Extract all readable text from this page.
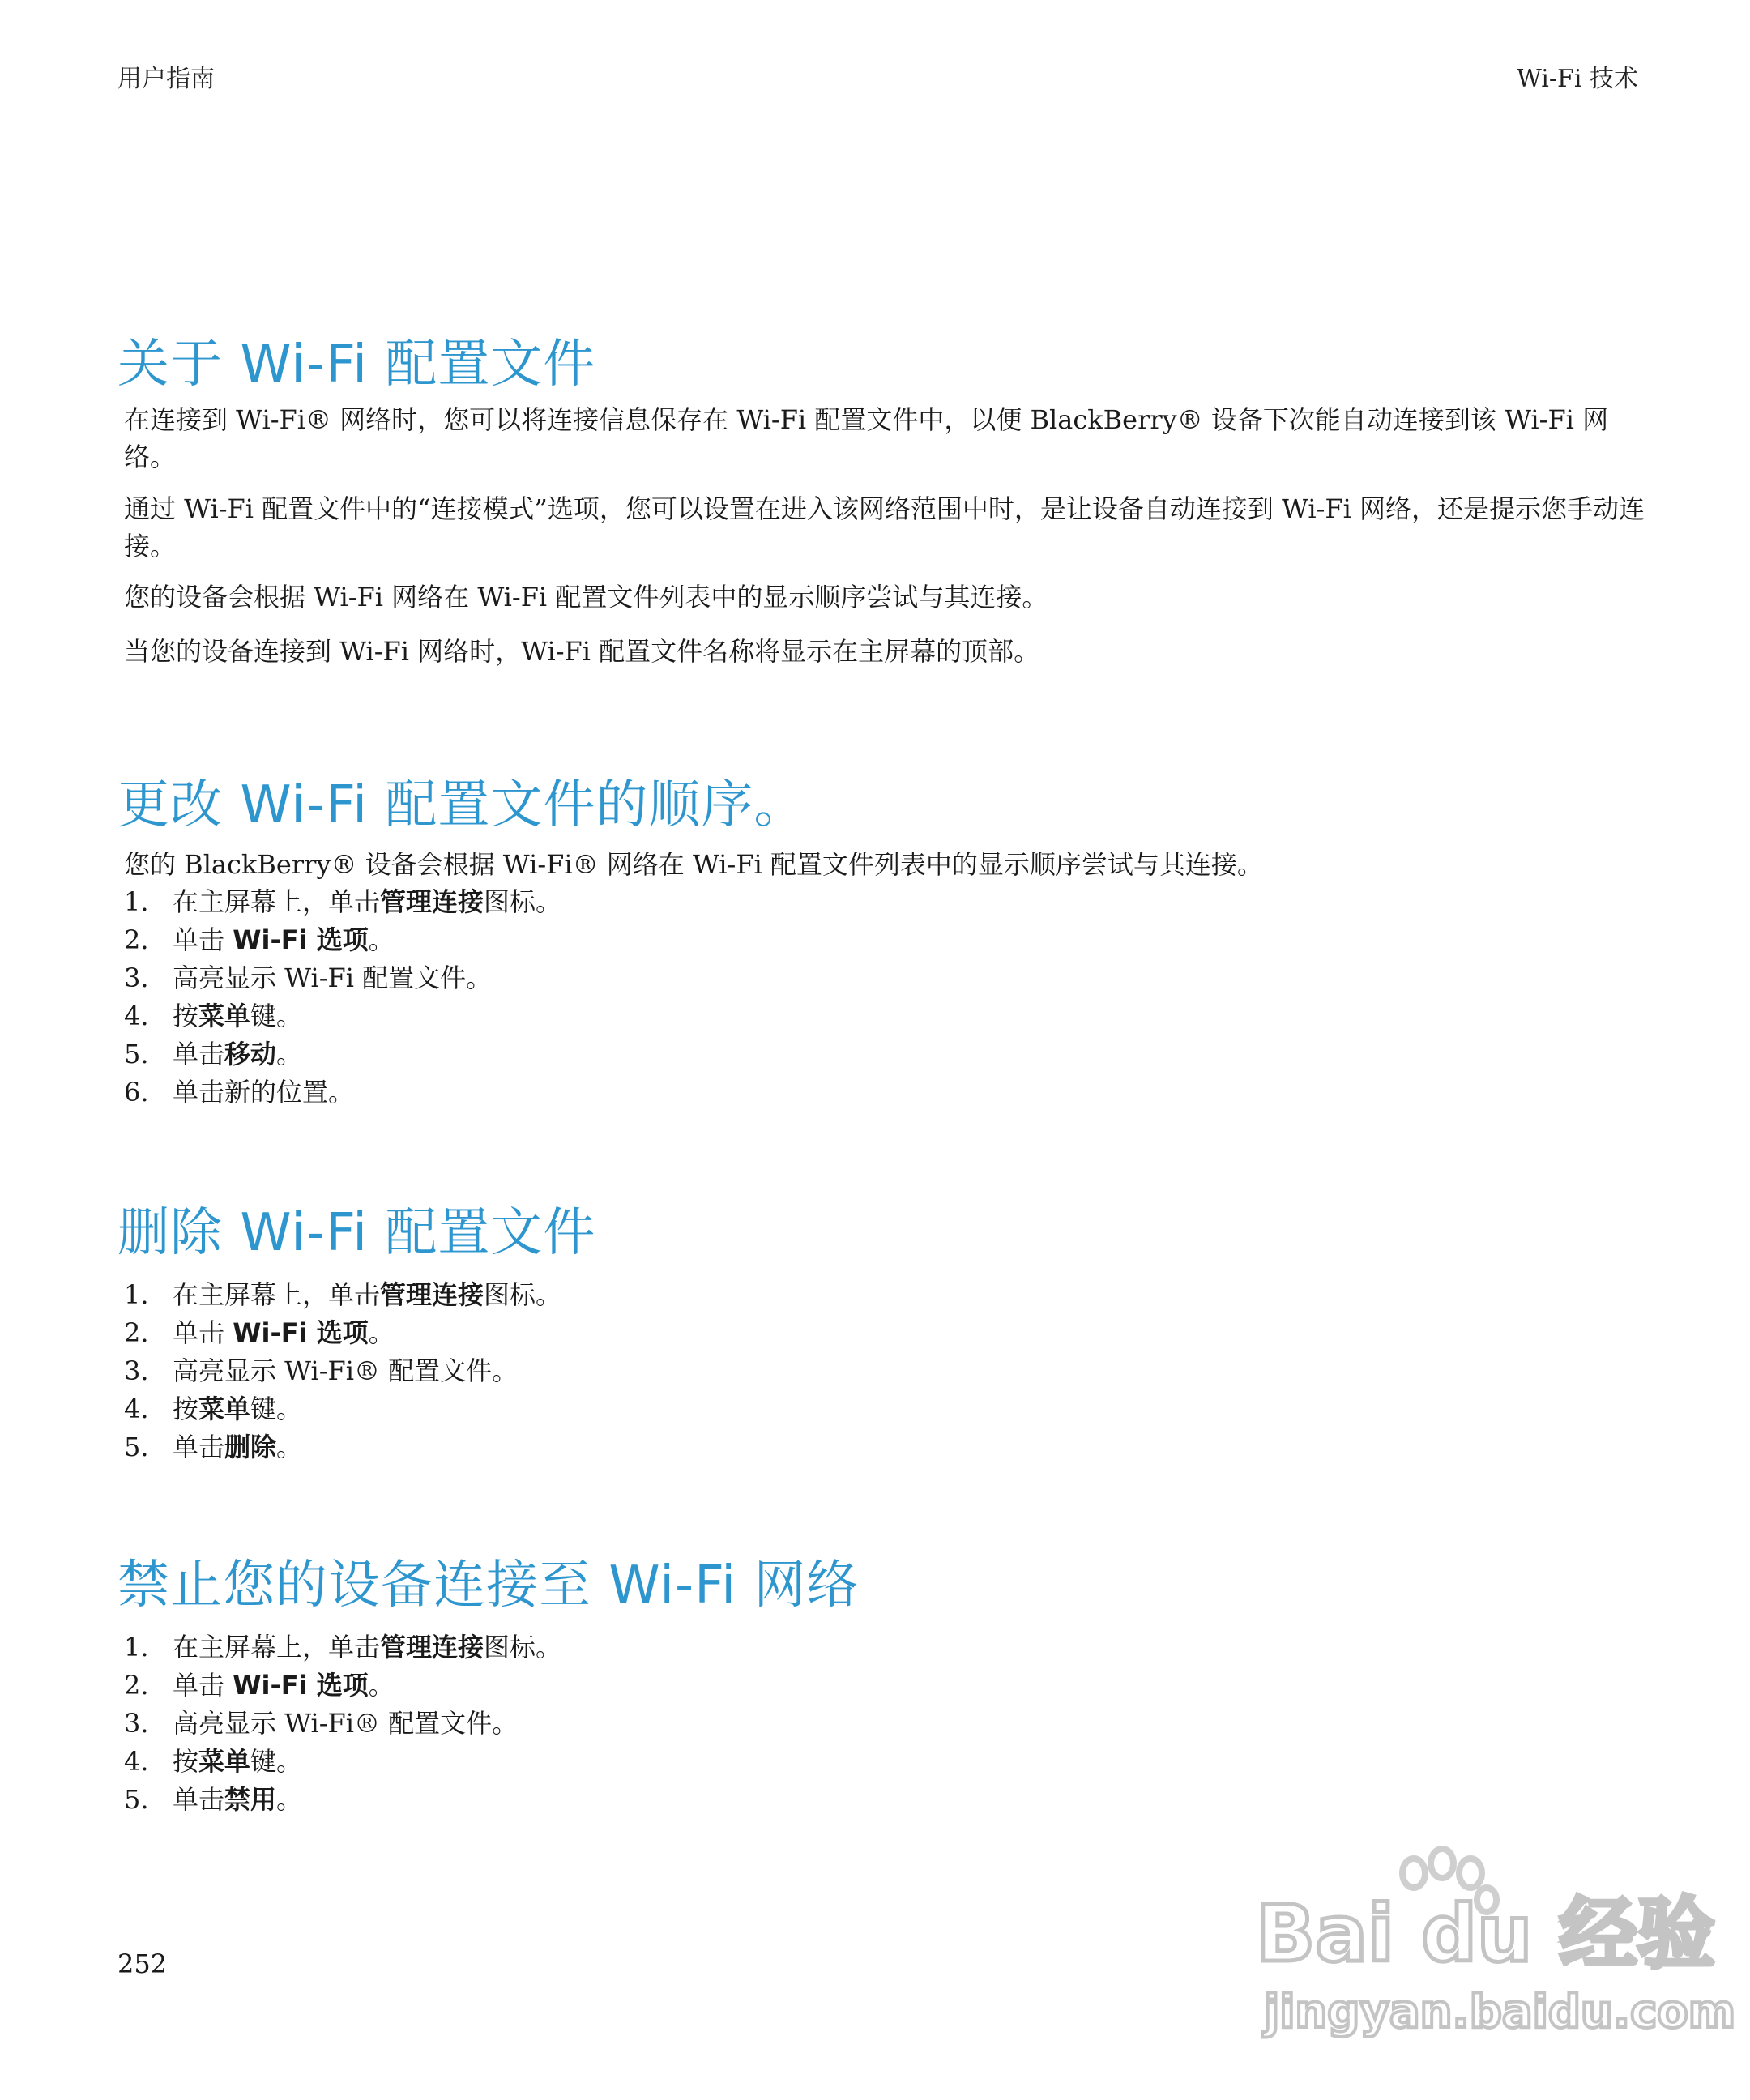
用户指南	Wi-Fi 技术
关于 Wi-Fi 配置文件

在连接到 Wi-Fi® 网络时，您可以将连接信息保存在 Wi-Fi 配置文件中，以便 BlackBerry® 设备下次能自动连接到该 Wi-Fi 网络。

通过 Wi-Fi 配置文件中的“连接模式”选项，您可以设置在进入该网络范围中时，是让设备自动连接到 Wi-Fi 网络，还是提示您手动连接。

您的设备会根据 Wi-Fi 网络在 Wi-Fi 配置文件列表中的显示顺序尝试与其连接。

当您的设备连接到 Wi-Fi 网络时，Wi-Fi 配置文件名称将显示在主屏幕的顶部。

更改 Wi-Fi 配置文件的顺序。

您的 BlackBerry® 设备会根据 Wi-Fi® 网络在 Wi-Fi 配置文件列表中的显示顺序尝试与其连接。

1. 在主屏幕上，单击管理连接图标。
2. 单击 Wi-Fi 选项。
3. 高亮显示 Wi-Fi 配置文件。
4. 按菜单键。
5. 单击移动。
6. 单击新的位置。
删除 Wi-Fi 配置文件
1. 在主屏幕上，单击管理连接图标。
2. 单击 Wi-Fi 选项。
3. 高亮显示 Wi-Fi® 配置文件。
4. 按菜单键。
5. 单击删除。
禁止您的设备连接至 Wi-Fi 网络
1. 在主屏幕上，单击管理连接图标。
2. 单击 Wi-Fi 选项。
3. 高亮显示 Wi-Fi® 配置文件。
4. 按菜单键。
5. 单击禁用。
252	Bai du 经验
jingyan.baidu.com
